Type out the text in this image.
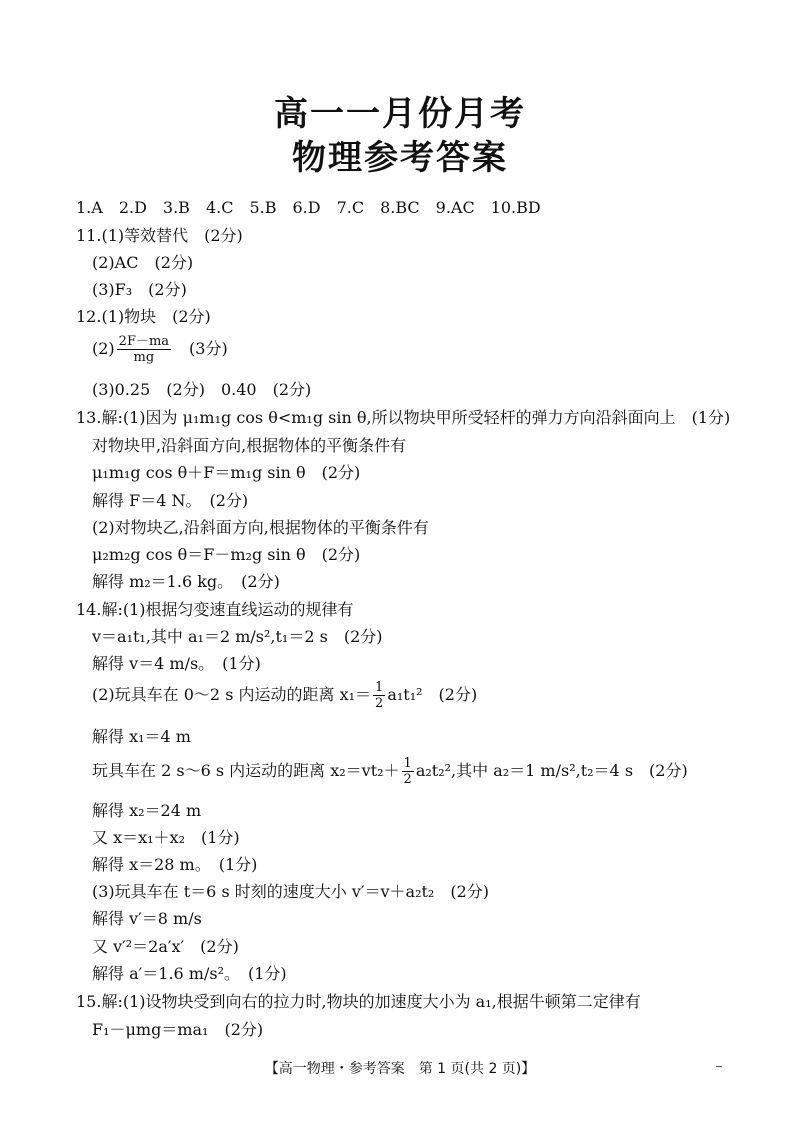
高一一月份月考
物理参考答案
1.A　2.D　3.B　4.C　5.B　6.D　7.C　8.BC　9.AC　10.BD
11.(1)等效替代　(2分)
(2)AC　(2分)
(3)F₃　(2分)
12.(1)物块　(2分)
$(2) \frac{2F-ma}{mg}$ 　(3分)
(3)0.25　(2分)　0.40　(2分)
13.解:(1)因为 μ₁m₁g cos θ<m₁g sin θ,所以物块甲所受轻杆的弹力方向沿斜面向上　(1分)
对物块甲,沿斜面方向,根据物体的平衡条件有
μ₁m₁g cos θ＋F＝m₁g sin θ　(2分)
解得 F＝4 N。　(2分)
(2)对物块乙,沿斜面方向,根据物体的平衡条件有
μ₂m₂g cos θ＝F－m₂g sin θ　(2分)
解得 m₂＝1.6 kg。　(2分)
14.解:(1)根据匀变速直线运动的规律有
v＝a₁t₁,其中 a₁＝2 m/s²,t₁＝2 s　(2分)
解得 v＝4 m/s。　(1分)
(2)玩具车在 0～2 s 内运动的距离 $x_1= \frac{1}{2} a_1t_1^2$　(2分)
解得 x₁＝4 m
玩具车在 2 s～6 s 内运动的距离 $x_2=vt_2+ \frac{1}{2} a_2t_2^2$,其中 a₂＝1 m/s²,t₂＝4 s　(2分)
解得 x₂＝24 m
又 x＝x₁＋x₂　(1分)
解得 x＝28 m。　(1分)
(3)玩具车在 t＝6 s 时刻的速度大小 v′＝v＋a₂t₂　(2分)
解得 v′＝8 m/s
又 v′²＝2a′x′　(2分)
解得 a′＝1.6 m/s²。　(1分)
15.解:(1)设物块受到向右的拉力时,物块的加速度大小为 a₁,根据牛顿第二定律有
F₁－μmg＝ma₁　(2分)
【高一物理・参考答案　第 1 页(共 2 页)】
